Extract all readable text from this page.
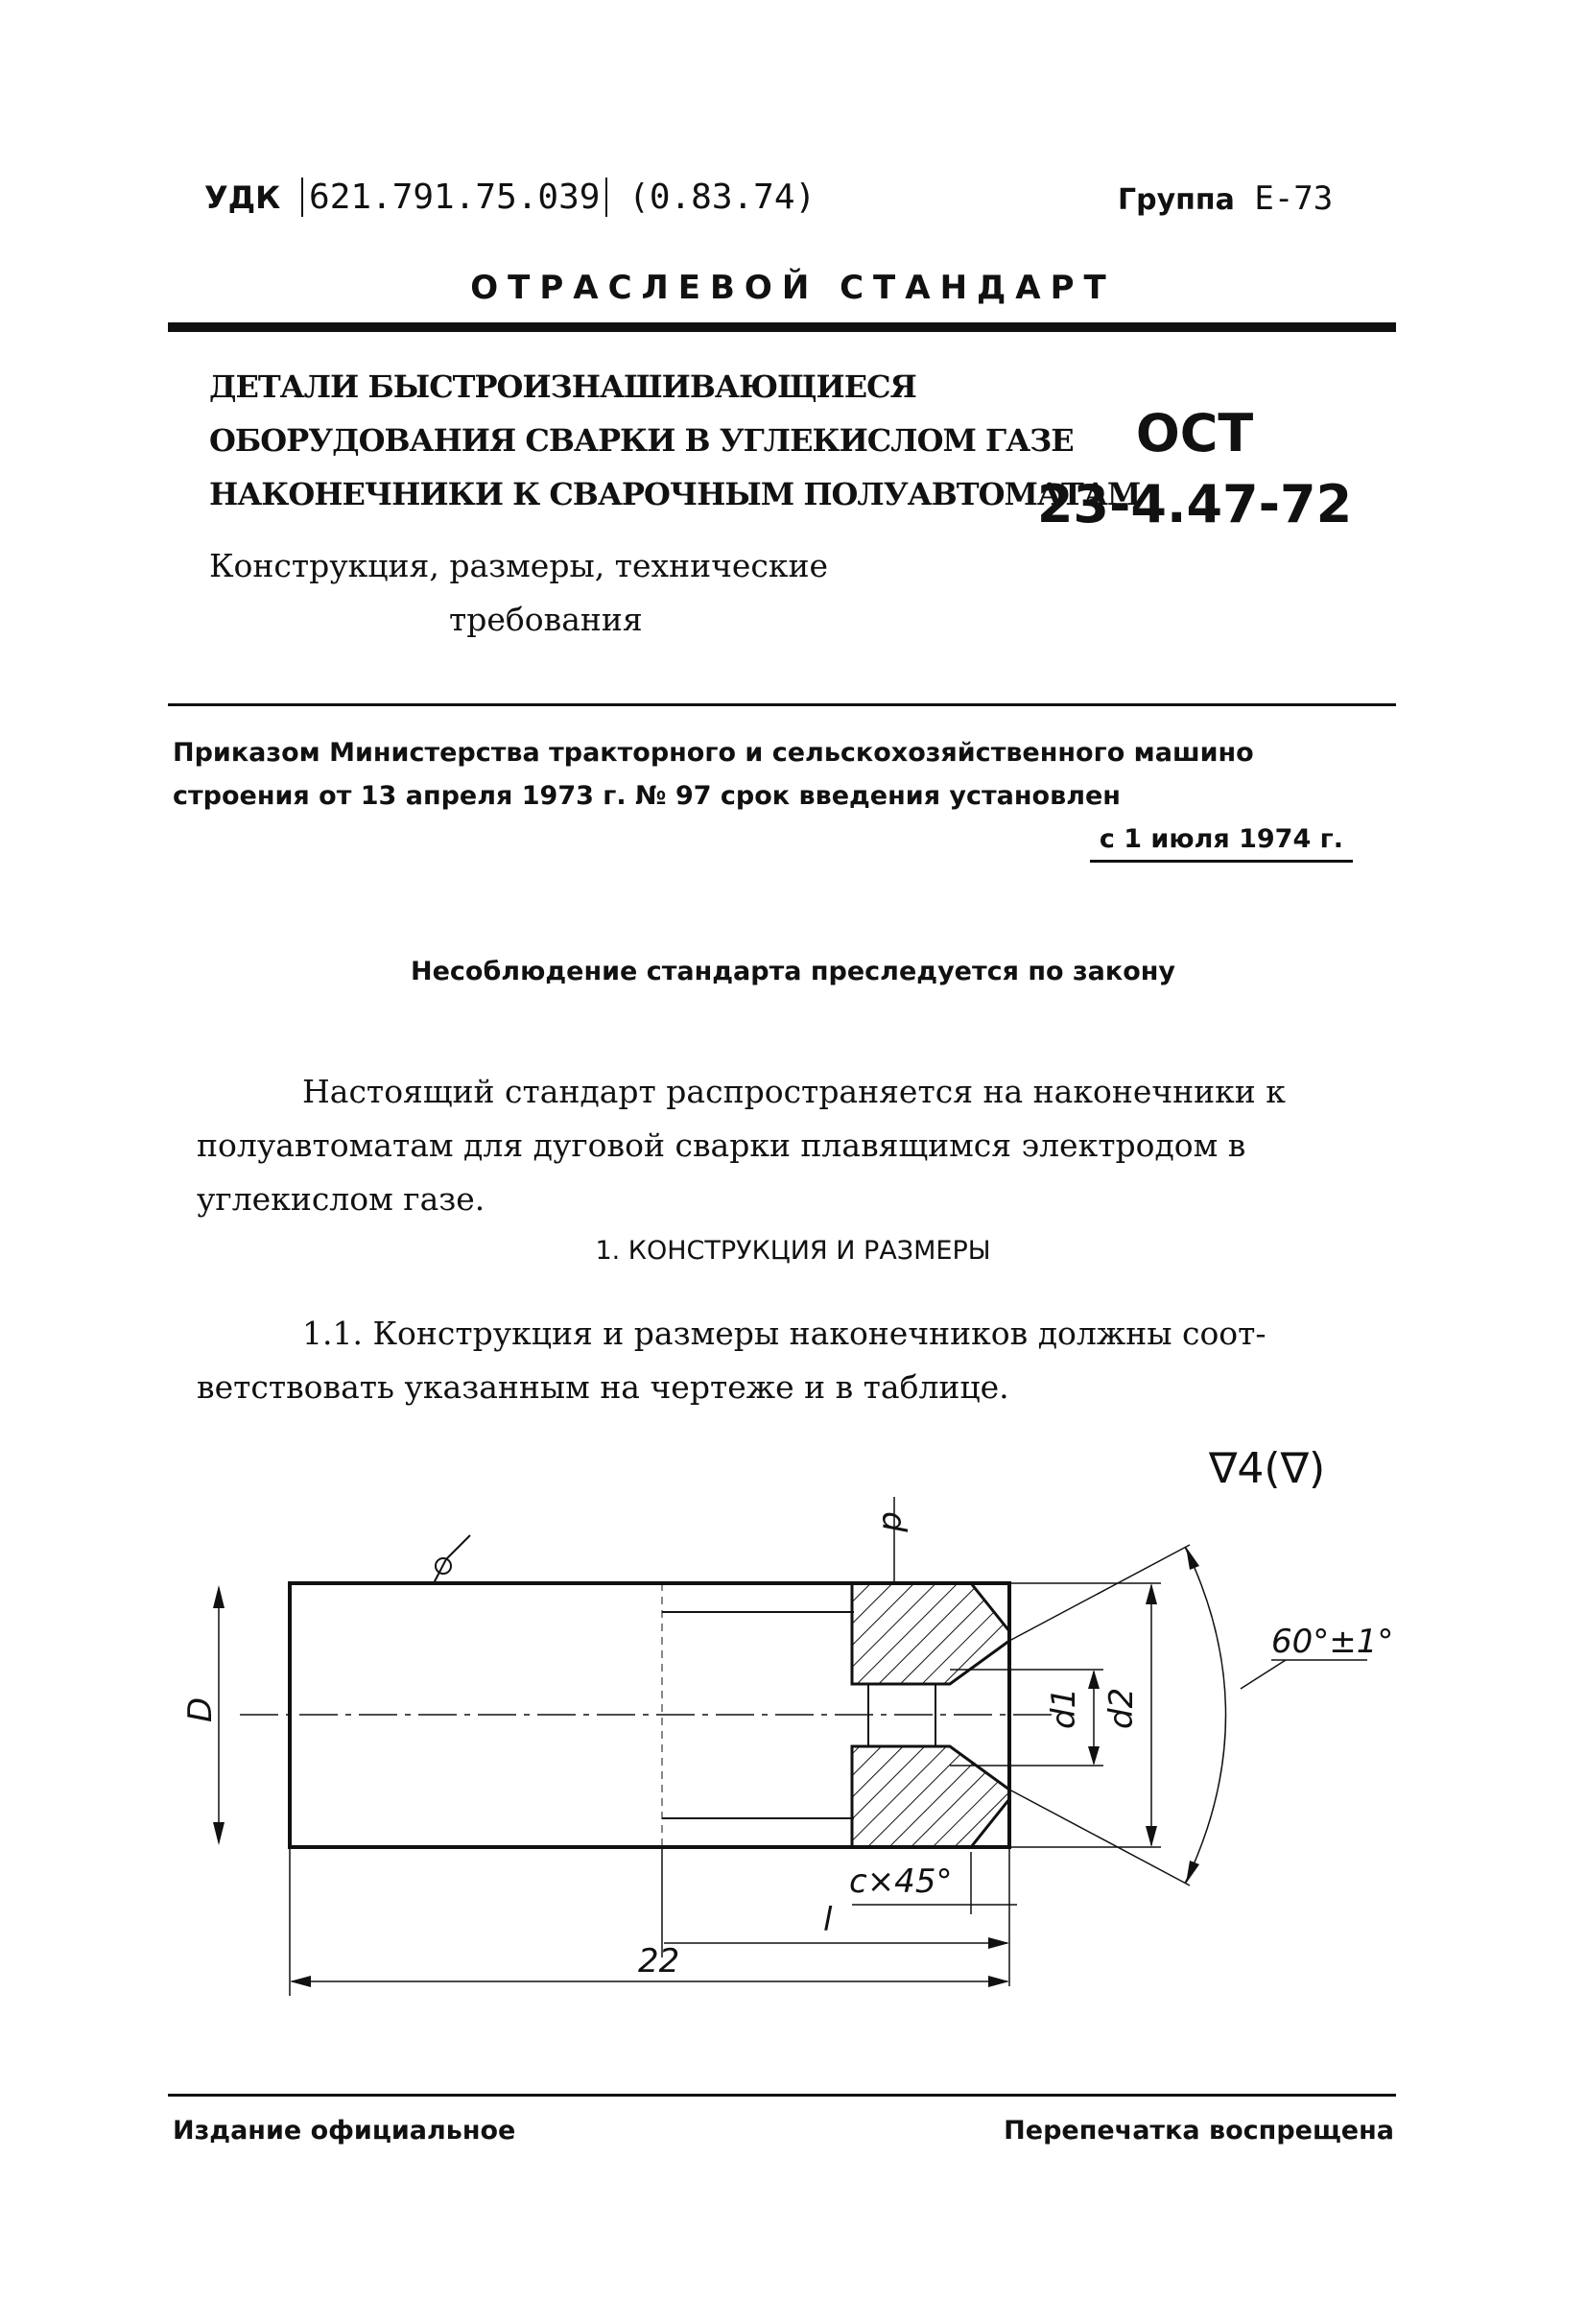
УДК 621.791.75.039 (0.83.74)	Группа Е-73
ОТРАСЛЕВОЙ СТАНДАРТ
ДЕТАЛИ БЫСТРОИЗНАШИВАЮЩИЕСЯ
ОБОРУДОВАНИЯ СВАРКИ В УГЛЕКИСЛОМ ГАЗЕ
НАКОНЕЧНИКИ К СВАРОЧНЫМ ПОЛУАВТОМАТАМ
ОСТ
23-4.47-72
Конструкция, размеры, технические
требования
Приказом Министерства тракторного и сельскохозяйственного машино
строения от 13 апреля 1973 г. № 97 срок введения установлен
с 1 июля 1974 г.
Несоблюдение стандарта преследуется по закону
Настоящий стандарт распространяется на наконечники к
полуавтоматам для дуговой сварки плавящимся электродом в
углекислом газе.
1. КОНСТРУКЦИЯ И РАЗМЕРЫ
1.1. Конструкция и размеры наконечников должны соот-
ветствовать указанным на чертеже и в таблице.
∇4(∇)
D
d
d1 d2
60°±1°
c×45°
l
22
Издание официальное	Перепечатка воспрещена
